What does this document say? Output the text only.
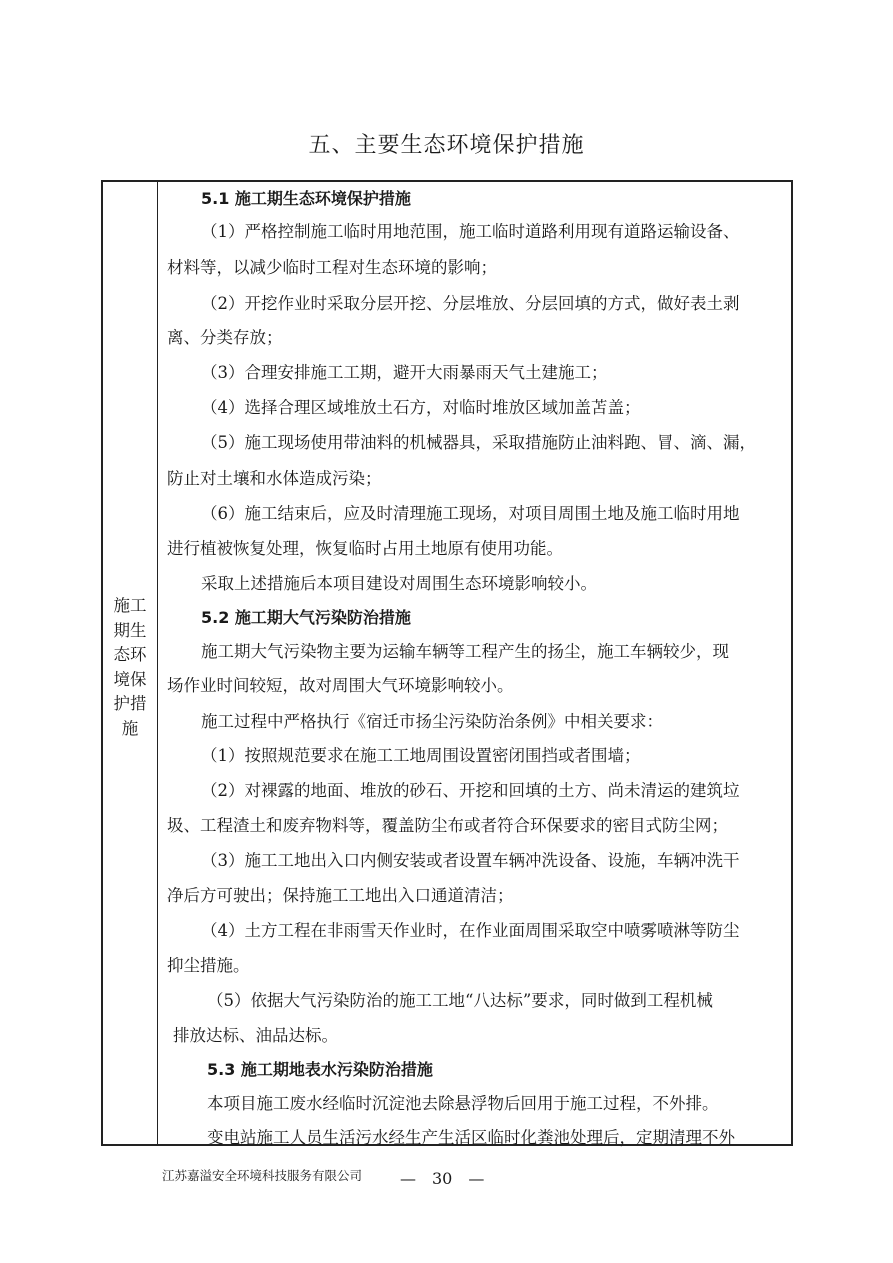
五、主要生态环境保护措施
施工期生态环境保护措施
5.1 施工期生态环境保护措施
（1）严格控制施工临时用地范围，施工临时道路利用现有道路运输设备、
材料等，以减少临时工程对生态环境的影响；
（2）开挖作业时采取分层开挖、分层堆放、分层回填的方式，做好表土剥
离、分类存放；
（3）合理安排施工工期，避开大雨暴雨天气土建施工；
（4）选择合理区域堆放土石方，对临时堆放区域加盖苫盖；
（5）施工现场使用带油料的机械器具，采取措施防止油料跑、冒、滴、漏，
防止对土壤和水体造成污染；
（6）施工结束后，应及时清理施工现场，对项目周围土地及施工临时用地
进行植被恢复处理，恢复临时占用土地原有使用功能。
采取上述措施后本项目建设对周围生态环境影响较小。
5.2 施工期大气污染防治措施
施工期大气污染物主要为运输车辆等工程产生的扬尘，施工车辆较少，现
场作业时间较短，故对周围大气环境影响较小。
施工过程中严格执行《宿迁市扬尘污染防治条例》中相关要求：
（1）按照规范要求在施工工地周围设置密闭围挡或者围墙；
（2）对裸露的地面、堆放的砂石、开挖和回填的土方、尚未清运的建筑垃
圾、工程渣土和废弃物料等，覆盖防尘布或者符合环保要求的密目式防尘网；
（3）施工工地出入口内侧安装或者设置车辆冲洗设备、设施，车辆冲洗干
净后方可驶出；保持施工工地出入口通道清洁；
（4）土方工程在非雨雪天作业时，在作业面周围采取空中喷雾喷淋等防尘
抑尘措施。
（5）依据大气污染防治的施工工地“八达标”要求，同时做到工程机械
排放达标、油品达标。
5.3 施工期地表水污染防治措施
本项目施工废水经临时沉淀池去除悬浮物后回用于施工过程，不外排。
变电站施工人员生活污水经生产生活区临时化粪池处理后，定期清理不外
江苏嘉溢安全环境科技服务有限公司 —　30　—
